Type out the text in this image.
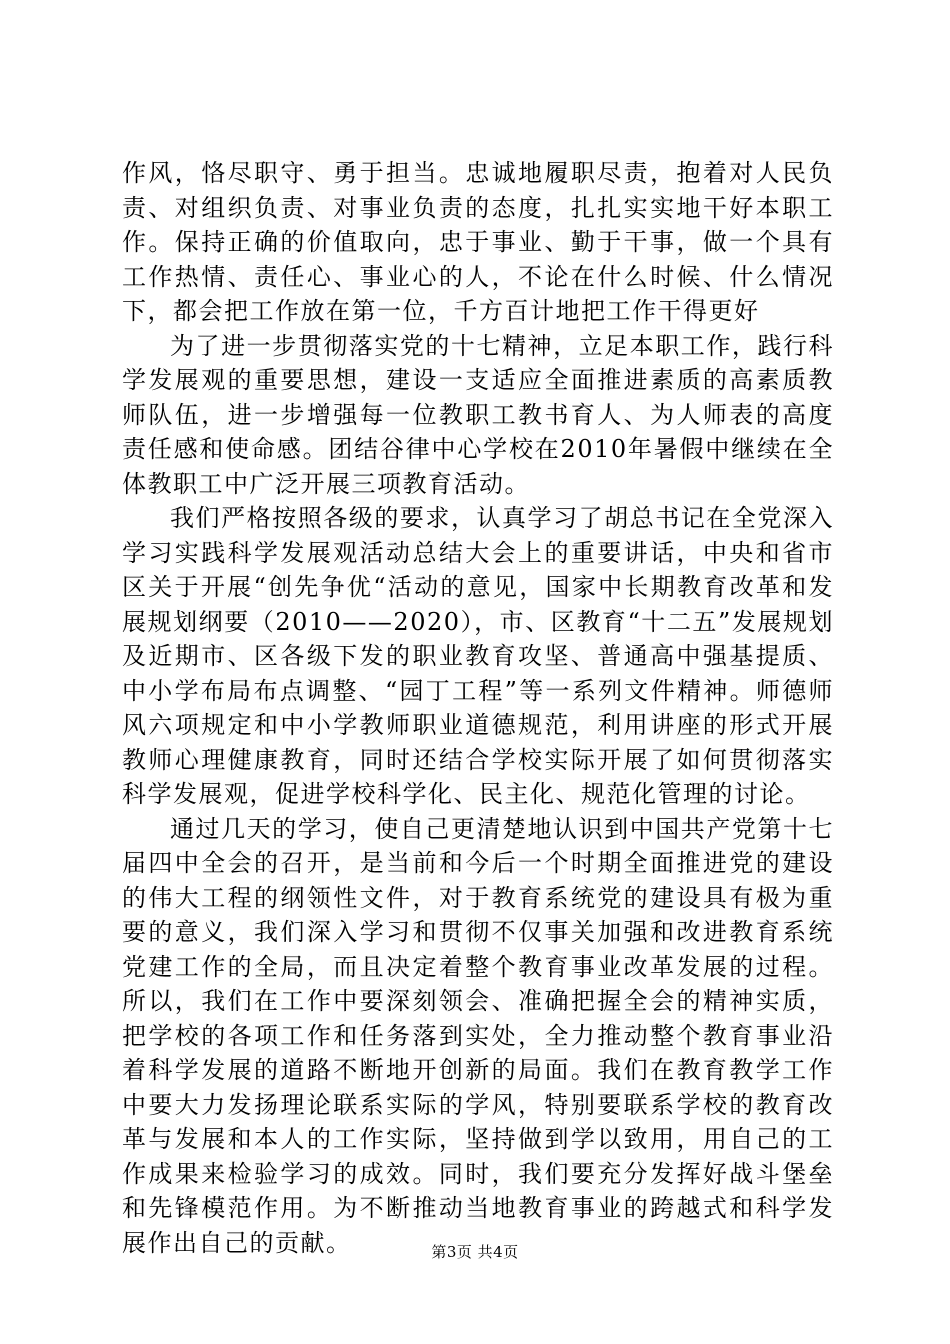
作风，恪尽职守、勇于担当。忠诚地履职尽责，抱着对人民负责、对组织负责、对事业负责的态度，扎扎实实地干好本职工作。保持正确的价值取向，忠于事业、勤于干事，做一个具有工作热情、责任心、事业心的人，不论在什么时候、什么情况下，都会把工作放在第一位，千方百计地把工作干得更好

为了进一步贯彻落实党的十七精神，立足本职工作，践行科学发展观的重要思想，建设一支适应全面推进素质的高素质教师队伍，进一步增强每一位教职工教书育人、为人师表的高度责任感和使命感。团结谷律中心学校在2010年暑假中继续在全体教职工中广泛开展三项教育活动。

我们严格按照各级的要求，认真学习了胡总书记在全党深入学习实践科学发展观活动总结大会上的重要讲话，中央和省市区关于开展“创先争优“活动的意见，国家中长期教育改革和发展规划纲要（2010——2020），市、区教育“十二五”发展规划及近期市、区各级下发的职业教育攻坚、普通高中强基提质、中小学布局布点调整、“园丁工程”等一系列文件精神。师德师风六项规定和中小学教师职业道德规范，利用讲座的形式开展教师心理健康教育，同时还结合学校实际开展了如何贯彻落实科学发展观，促进学校科学化、民主化、规范化管理的讨论。

通过几天的学习，使自己更清楚地认识到中国共产党第十七届四中全会的召开，是当前和今后一个时期全面推进党的建设的伟大工程的纲领性文件，对于教育系统党的建设具有极为重要的意义，我们深入学习和贯彻不仅事关加强和改进教育系统党建工作的全局，而且决定着整个教育事业改革发展的过程。所以，我们在工作中要深刻领会、准确把握全会的精神实质，把学校的各项工作和任务落到实处，全力推动整个教育事业沿着科学发展的道路不断地开创新的局面。我们在教育教学工作中要大力发扬理论联系实际的学风，特别要联系学校的教育改革与发展和本人的工作实际，坚持做到学以致用，用自己的工作成果来检验学习的成效。同时，我们要充分发挥好战斗堡垒和先锋模范作用。为不断推动当地教育事业的跨越式和科学发展作出自己的贡献。	第3页 共4页
